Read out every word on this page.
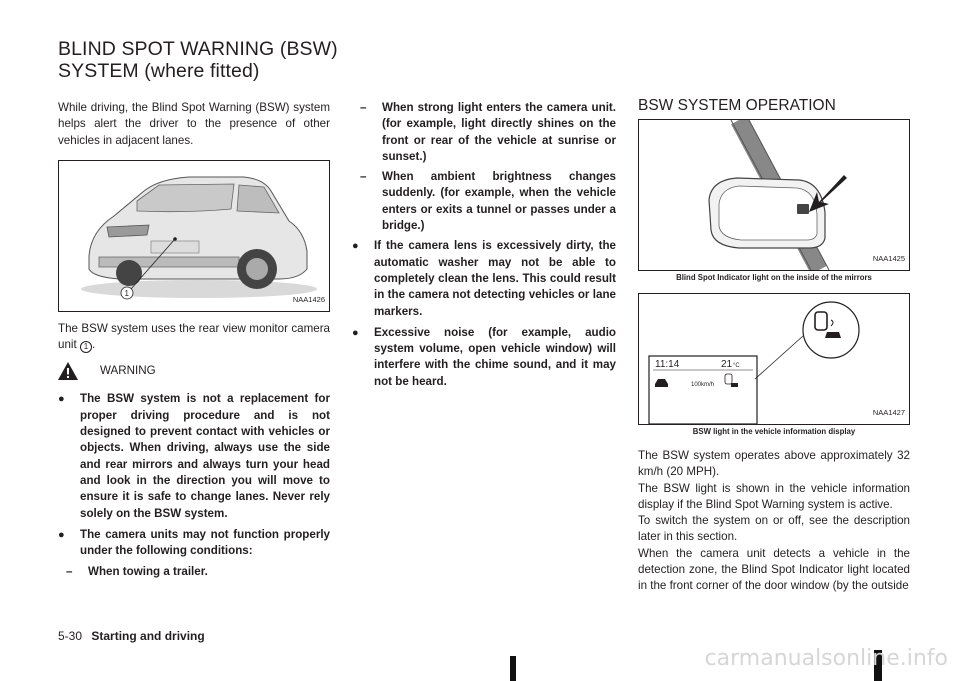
BLIND SPOT WARNING (BSW)
SYSTEM (where fitted)

While driving, the Blind Spot Warning (BSW) system helps alert the driver to the presence of other vehicles in adjacent lanes.

1
NAA1426

The BSW system uses the rear view monitor camera unit 1 .

WARNING
●	The BSW system is not a replacement for proper driving procedure and is not designed to prevent contact with vehicles or objects. When driving, always use the side and rear mirrors and always turn your head and look in the direction you will move to ensure it is safe to change lanes. Never rely solely on the BSW system.
●	The camera units may not function properly under the following conditions:
–	When towing a trailer.
–	When strong light enters the camera unit. (for example, light directly shines on the front or rear of the vehicle at sunrise or sunset.)
–	When ambient brightness changes suddenly. (for example, when the vehicle enters or exits a tunnel or passes under a bridge.)
●	If the camera lens is excessively dirty, the automatic washer may not be able to completely clean the lens. This could result in the camera not detecting vehicles or lane markers.
●	Excessive noise (for example, audio system volume, open vehicle window) will interfere with the chime sound, and it may not be heard.
BSW SYSTEM OPERATION
NAA1425
Blind Spot Indicator light on the inside of the mirrors
11:14	21 °C
100km/h
NAA1427
BSW light in the vehicle information display

The BSW system operates above approximately 32 km/h (20 MPH).

The BSW light is shown in the vehicle information display if the Blind Spot Warning system is active.

To switch the system on or off, see the description later in this section.

When the camera unit detects a vehicle in the detection zone, the Blind Spot Indicator light located in the front corner of the door window (by the outside

5-30 Starting and driving
carmanualsonline.info
